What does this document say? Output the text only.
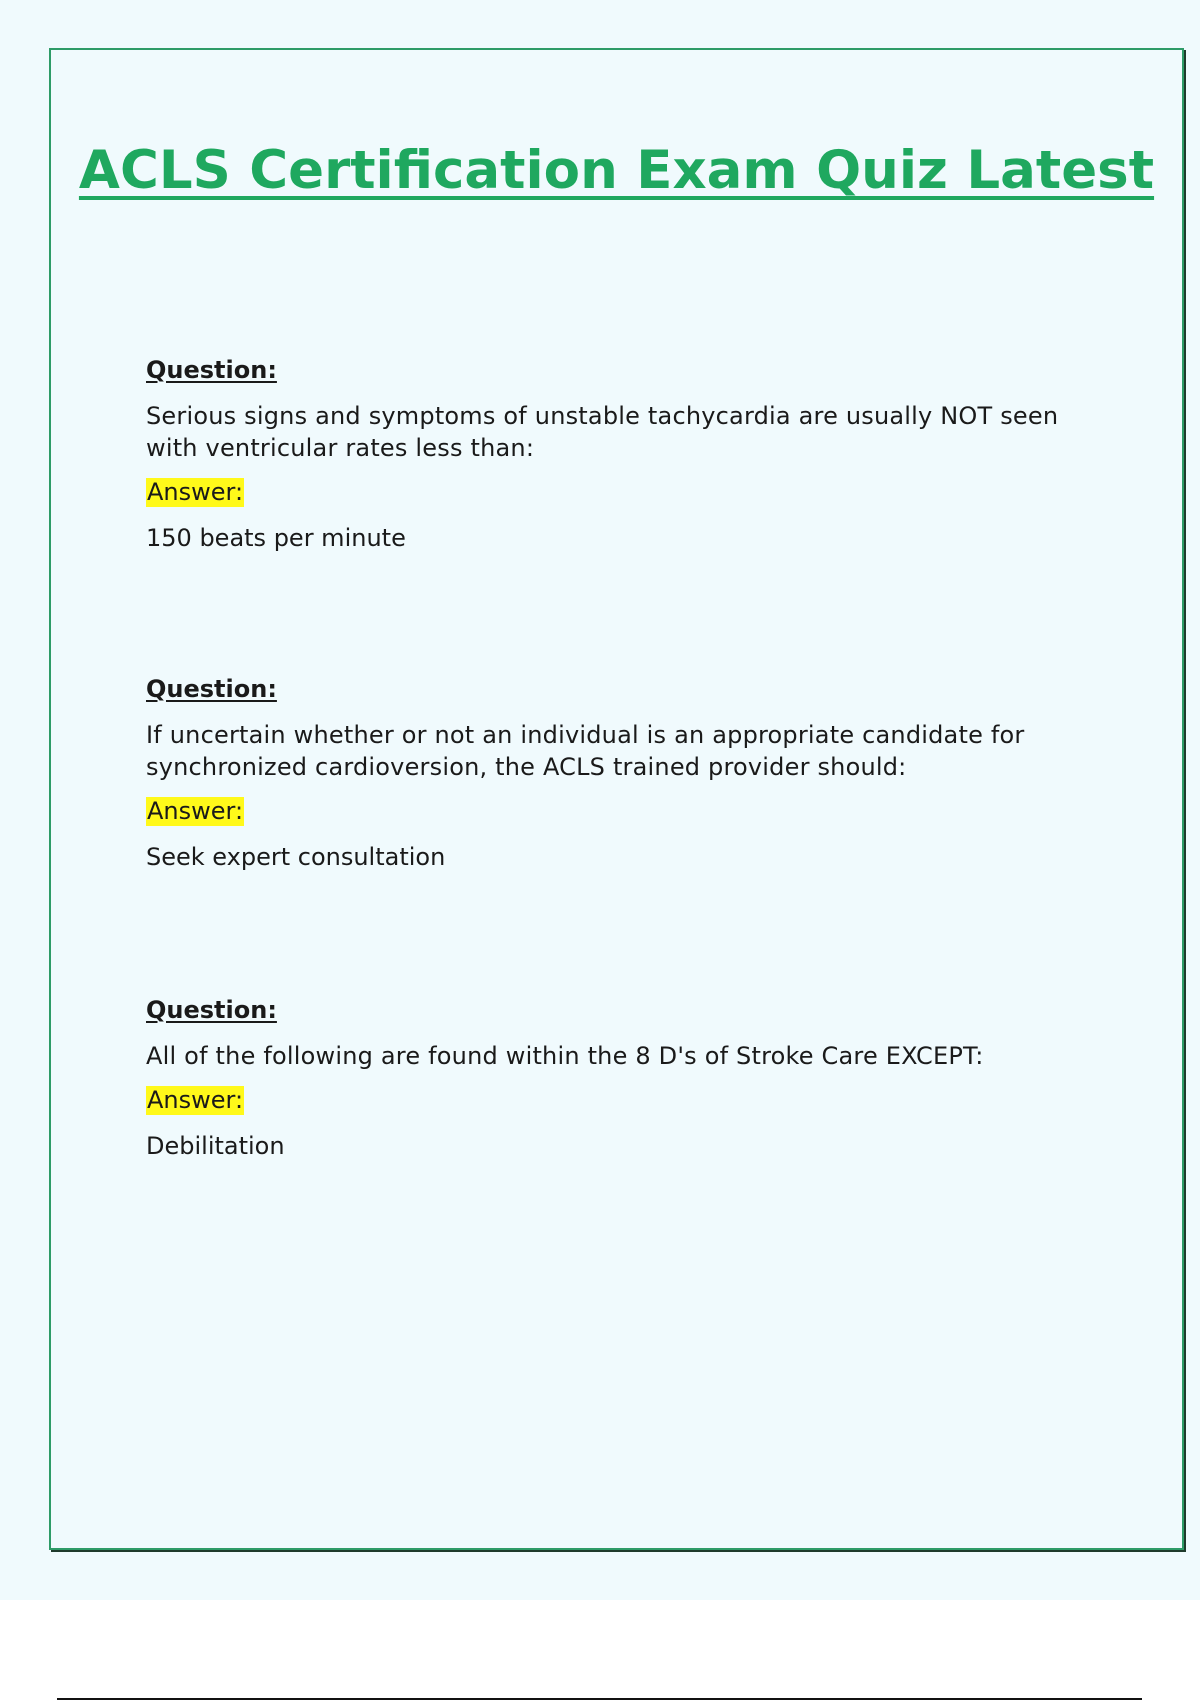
ACLS Certification Exam Quiz Latest
Question:

Serious signs and symptoms of unstable tachycardia are usually NOT seen with ventricular rates less than:

Answer:

150 beats per minute

Question:

If uncertain whether or not an individual is an appropriate candidate for synchronized cardioversion, the ACLS trained provider should:

Answer:

Seek expert consultation

Question:

All of the following are found within the 8 D's of Stroke Care EXCEPT:

Answer:

Debilitation
